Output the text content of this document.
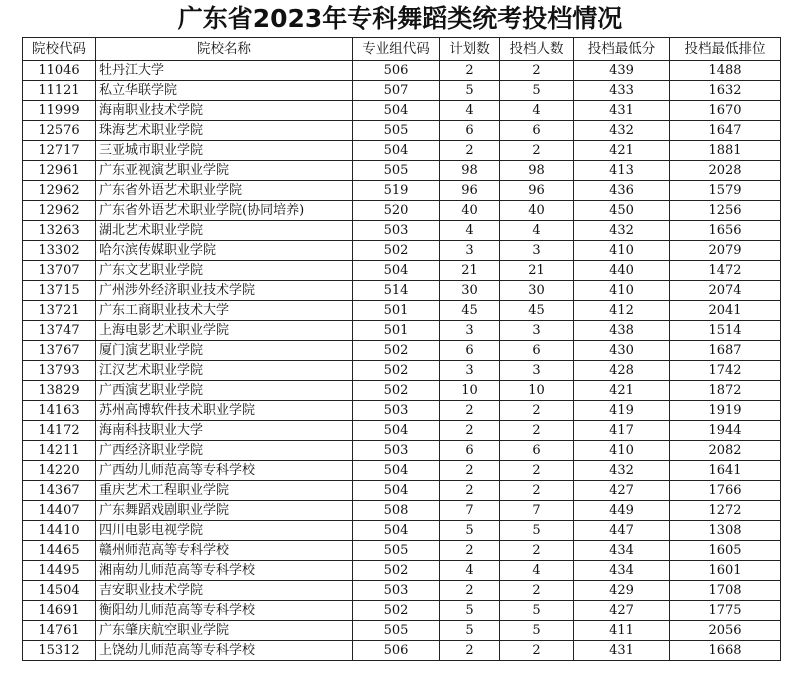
广东省2023年专科舞蹈类统考投档情况
院校代码	院校名称	专业组代码	计划数	投档人数	投档最低分	投档最低排位
11046	牡丹江大学	506	2	2	439	1488
11121	私立华联学院	507	5	5	433	1632
11999	海南职业技术学院	504	4	4	431	1670
12576	珠海艺术职业学院	505	6	6	432	1647
12717	三亚城市职业学院	504	2	2	421	1881
12961	广东亚视演艺职业学院	505	98	98	413	2028
12962	广东省外语艺术职业学院	519	96	96	436	1579
12962	广东省外语艺术职业学院(协同培养)	520	40	40	450	1256
13263	湖北艺术职业学院	503	4	4	432	1656
13302	哈尔滨传媒职业学院	502	3	3	410	2079
13707	广东文艺职业学院	504	21	21	440	1472
13715	广州涉外经济职业技术学院	514	30	30	410	2074
13721	广东工商职业技术大学	501	45	45	412	2041
13747	上海电影艺术职业学院	501	3	3	438	1514
13767	厦门演艺职业学院	502	6	6	430	1687
13793	江汉艺术职业学院	502	3	3	428	1742
13829	广西演艺职业学院	502	10	10	421	1872
14163	苏州高博软件技术职业学院	503	2	2	419	1919
14172	海南科技职业大学	504	2	2	417	1944
14211	广西经济职业学院	503	6	6	410	2082
14220	广西幼儿师范高等专科学校	504	2	2	432	1641
14367	重庆艺术工程职业学院	504	2	2	427	1766
14407	广东舞蹈戏剧职业学院	508	7	7	449	1272
14410	四川电影电视学院	504	5	5	447	1308
14465	赣州师范高等专科学校	505	2	2	434	1605
14495	湘南幼儿师范高等专科学校	502	4	4	434	1601
14504	吉安职业技术学院	503	2	2	429	1708
14691	衡阳幼儿师范高等专科学校	502	5	5	427	1775
14761	广东肇庆航空职业学院	505	5	5	411	2056
15312	上饶幼儿师范高等专科学校	506	2	2	431	1668
